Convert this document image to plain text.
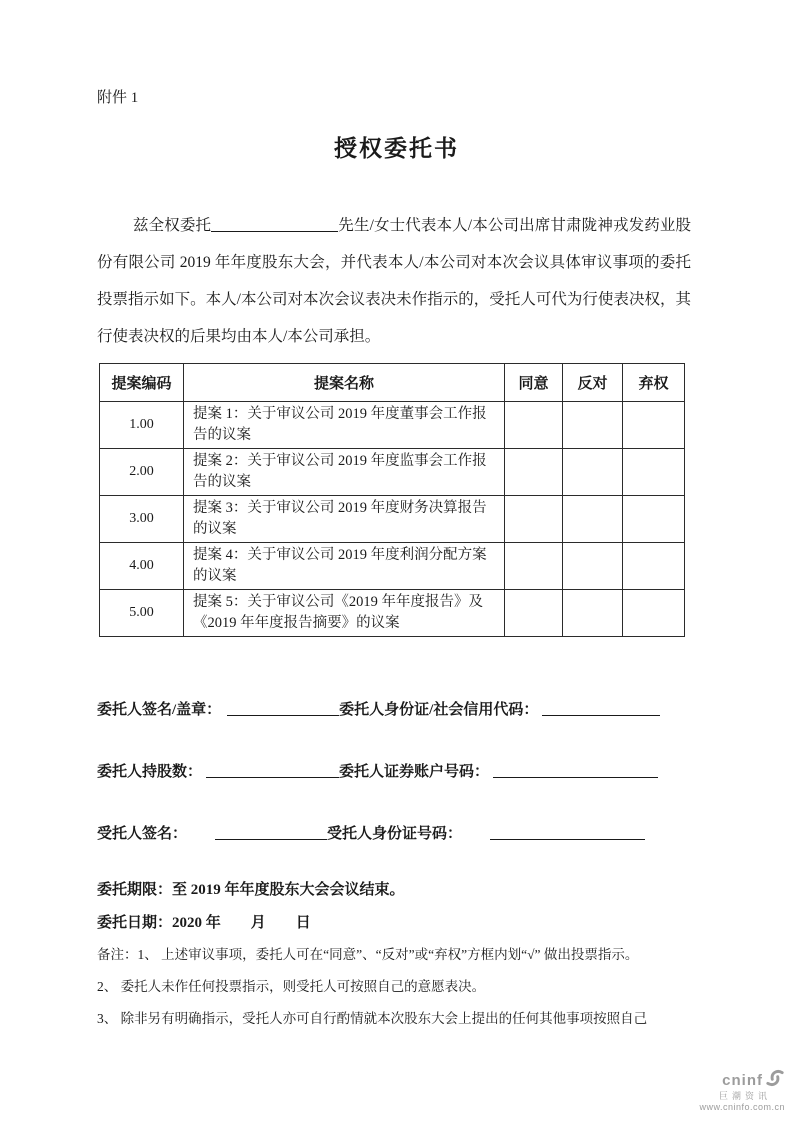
附件 1
授权委托书

兹全权委托	先生/女士代表本人/本公司出席甘肃陇神戎发药业股份有限公司 2019 年年度股东大会，并代表本人/本公司对本次会议具体审议事项的委托投票指示如下。本人/本公司对本次会议表决未作指示的，受托人可代为行使表决权，其行使表决权的后果均由本人/本公司承担。

提案编码	提案名称	同意	反对	弃权
1.00	提案 1：关于审议公司 2019 年度董事会工作报告的议案			
2.00	提案 2：关于审议公司 2019 年度监事会工作报告的议案			
3.00	提案 3：关于审议公司 2019 年度财务决算报告的议案			
4.00	提案 4：关于审议公司 2019 年度利润分配方案的议案			
5.00	提案 5：关于审议公司《2019 年年度报告》及《2019 年年度报告摘要》的议案			
委托人签名/盖章：	委托人身份证/社会信用代码：
委托人持股数：	委托人证券账户号码：
受托人签名：	受托人身份证号码：
委托期限：至 2019 年年度股东大会会议结束。
委托日期：2020 年　　月　　日
备注：1、 上述审议事项，委托人可在“同意”、“反对”或“弃权”方框内划“√” 做出投票指示。
2、 委托人未作任何投票指示，则受托人可按照自己的意愿表决。
3、 除非另有明确指示，受托人亦可自行酌情就本次股东大会上提出的任何其他事项按照自己
cninf
巨潮资讯
www.cninfo.com.cn
